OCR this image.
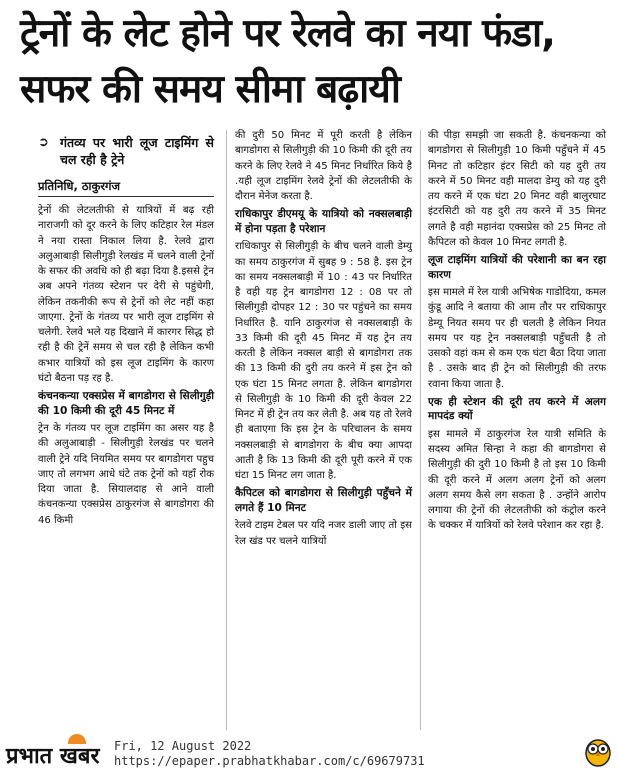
ट्रेनों के लेट होने पर रेलवे का नया फंडा, सफर की समय सीमा बढ़ायी
➲ गंतव्य पर भारी लूज टाइमिंग से चल रही है ट्रेने
प्रतिनिधि, ठाकुरगंज

ट्रेनों की लेटलतीफी से यात्रियों में बढ़ रही नाराजगी को दूर करने के लिए कटिहार रेल मंडल ने नया रास्ता निकाल लिया है. रेलवे द्वारा अलुआबाड़ी सिलीगुड़ी रेलखंड में चलने वाली ट्रेनों के सफर की अवधि को ही बढ़ा दिया है.इससे ट्रेन अब अपने गंतव्य स्टेशन पर देरी से पहुंचेगी, लेकिन तकनीकी रूप से ट्रेनों को लेट नहीं कहा जाएगा. ट्रेनों के गंतव्य पर भारी लूज टाइमिंग से चलेगी. रेलवे भले यह दिखाने में कारगर सिद्ध हो रही है की ट्रेनें समय से चल रही है लेकिन कभी कभार यात्रियों को इस लूज टाइमिंग के कारण घंटो बैठना पड़ रह है.

कंचनकन्या एक्सप्रेस में बागडोगरा से सिलीगुड़ी की 10 किमी की दूरी 45 मिनट में

ट्रेन के गंतव्य पर लूज टाइमिंग का असर यह है की अलुआबाड़ी - सिलीगुड़ी रेलखंड पर चलने वाली ट्रेने यदि नियमित समय पर बागडोगरा पहुच जाए तो लगभग आधे घंटे तक ट्रेनों को यहाँ रोक दिया जाता है. सियालदाह से आने वाली कंचनकन्या एक्सप्रेस ठाकुरगंज से बागडोगरा की 46 किमी

की दुरी 50 मिनट में पूरी करती है लेकिन बागडोगरा से सिलीगुड़ी की 10 किमी की दूरी तय करने के लिए रेलवे ने 45 मिनट निर्धारित किये है .यही लूज टाइमिंग रेलवे ट्रेनों की लेटलतीफी के दौरान मेनेज करता है.

राधिकापुर डीएमयू के यात्रियो को नक्सलबाड़ी में होना पड़ता है परेशान

राधिकापुर से सिलीगुड़ी के बीच चलने वाली डेम्यु का समय ठाकुरगंज में सुबह 9 : 58 है. इस ट्रेन का समय नक्सलबाड़ी में 10 : 43 पर निर्धारित है वही यह ट्रेन बागडोगरा 12 : 08 पर तो सिलीगुड़ी दोपहर 12 : 30 पर पहुंचने का समय निर्धारित है. यानि ठाकुरगंज से नक्सलबाड़ी के 33 किमी की दूरी 45 मिनट में यह ट्रेन तय करती है लेकिन नक्सल बाड़ी से बागडोगरा तक की 13 किमी की दुरी तय करने में इस ट्रेन को एक घंटा 15 मिनट लगता है. लेकिन बागडोगरा से सिलीगुड़ी के 10 किमी की दूरी केवल 22 मिनट में ही ट्रेन तय कर लेती है. अब यह तो रेलवे ही बताएगा कि इस ट्रेन के परिचालन के समय नक्सलबाड़ी से बागडोगरा के बीच क्या आपदा आती है कि 13 किमी की दूरी पूरी करने में एक घंटा 15 मिनट लग जाता है.

कैपिटल को बागडोगरा से सिलीगुड़ी पहुँचने में लगते हैं 10 मिनट

रेलवे टाइम टेबल पर यदि नजर डाली जाए तो इस रेल खंड पर चलने यात्रियों

की पीड़ा समझी जा सकती है. कंचनकन्या को बागडोगरा से सिलीगुड़ी 10 किमी पहुँचने में 45 मिनट तो कटिहार इंटर सिटी को यह दुरी तय करने में 50 मिनट वही मालदा डेम्यु को यह दुरी तय करने में एक घंटा 20 मिनट वही बालुरघाट इंटरसिटी को यह दुरी तय करने में 35 मिनट लगते है वही महानंदा एक्सप्रेस को 25 मिनट तो कैपिटल को केवल 10 मिनट लगती है.

लूज टाइमिंग यात्रियों की परेशानी का बन रहा कारण

इस मामले में रेल यात्री अभिषेक गाडोदिया, कमल कुंडू आदि ने बताया की आम तौर पर राधिकापुर डेम्यू नियत समय पर ही चलती है लेकिन नियत समय पर यह ट्रेन नक्सलबाड़ी पहुँचती है तो उसको वहां कम से कम एक घंटा बैठा दिया जाता है . उसके बाद ही ट्रेन को सिलीगुड़ी की तरफ रवाना किया जाता है.

एक ही स्टेशन की दूरी तय करने में अलग मापदंड क्यों

इस मामले में ठाकुरगंज रेल यात्री समिति के सदस्य अमित सिन्हा ने कहा की बागडोगरा से सिलीगुड़ी की दुरी 10 किमी है तो इस 10 किमी की दूरी करने में अलग अलग ट्रेनों को अलग अलग समय कैसे लग सकता है . उन्होंने आरोप लगाया की ट्रेनों की लेटलतीफी को कंट्रोल करने के चक्कर में यात्रियों को रेलवे परेशान कर रहा है.

प्रभात खबर Fri, 12 August 2022
https://epaper.prabhatkhabar.com/c/69679731
